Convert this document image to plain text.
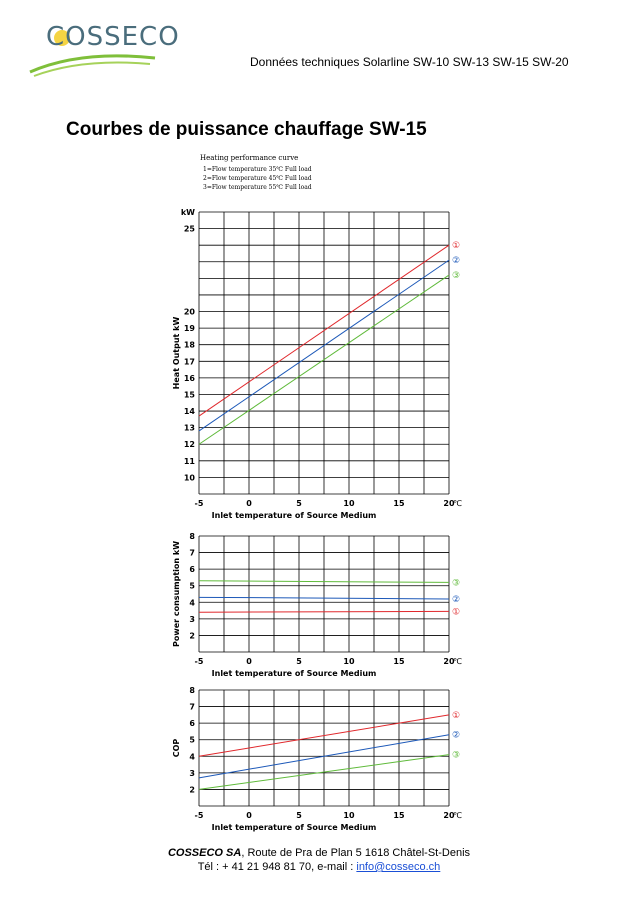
COSSECO
Données techniques Solarline SW-10 SW-13 SW-15 SW-20
Courbes de puissance chauffage SW-15
Heating performance curve
1=Flow temperature 35℃ Full load
2=Flow temperature 45℃ Full load
3=Flow temperature 55℃ Full load
-5	0	5	10	15	20
℃
10
11
12
13
14
15
16
17
18
19
20
25
kW
Inlet temperature of Source Medium
Heat Output kW
①
②
③
-5	0	5	10	15	20
℃
2
3
4
5
6
7
8
Inlet temperature of Source Medium
Power consumption kW	③
②
①
-5	0	5	10	15	20
℃
2
3
4
5
6
7
8
Inlet temperature of Source Medium
COP
①
②
③
COSSECO SA, Route de Pra de Plan 5 1618 Châtel-St-Denis
Tél : + 41 21 948 81 70, e-mail : info@cosseco.ch
